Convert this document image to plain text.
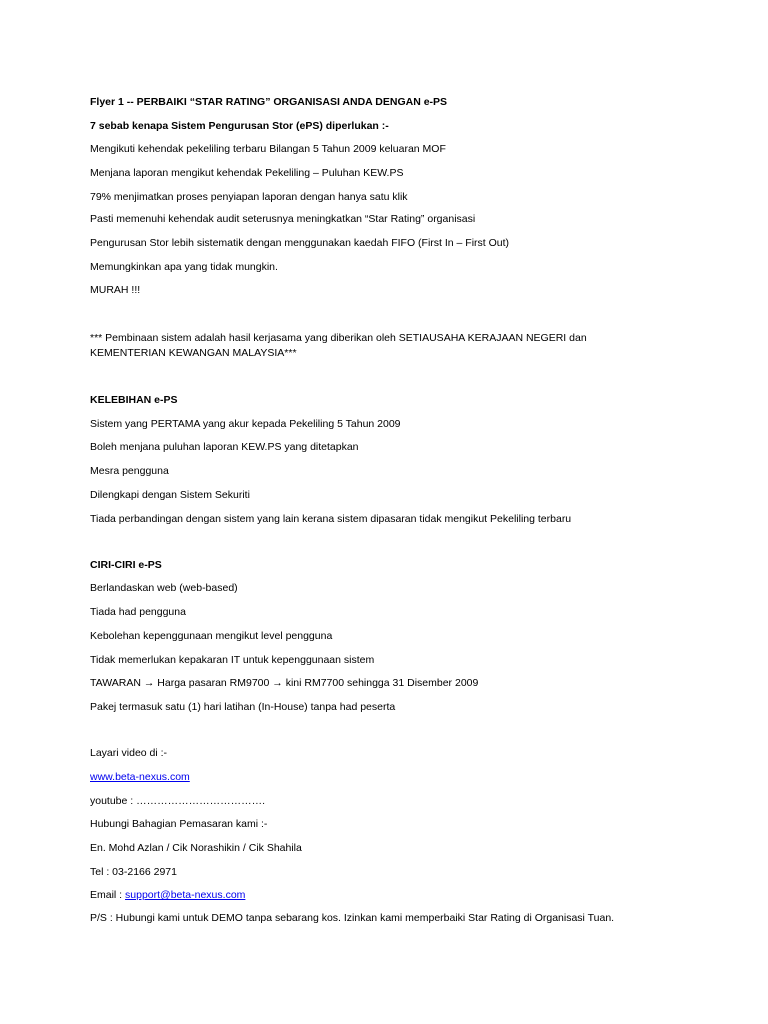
Flyer 1 -- PERBAIKI “STAR RATING” ORGANISASI ANDA DENGAN e-PS
7 sebab kenapa Sistem Pengurusan Stor (ePS) diperlukan :-
Mengikuti kehendak pekeliling terbaru Bilangan 5 Tahun 2009 keluaran MOF
Menjana laporan mengikut kehendak Pekeliling – Puluhan KEW.PS
79% menjimatkan proses penyiapan laporan dengan hanya satu klik
Pasti memenuhi kehendak audit seterusnya meningkatkan “Star Rating” organisasi
Pengurusan Stor lebih sistematik dengan menggunakan kaedah FIFO (First In – First Out)
Memungkinkan apa yang tidak mungkin.
MURAH !!!
*** Pembinaan sistem adalah hasil kerjasama yang diberikan oleh SETIAUSAHA KERAJAAN NEGERI dan
KEMENTERIAN KEWANGAN MALAYSIA***
KELEBIHAN e-PS
Sistem yang PERTAMA yang akur kepada Pekeliling 5 Tahun 2009
Boleh menjana puluhan laporan KEW.PS yang ditetapkan
Mesra pengguna
Dilengkapi dengan Sistem Sekuriti
Tiada perbandingan dengan sistem yang lain kerana sistem dipasaran tidak mengikut Pekeliling terbaru
CIRI-CIRI e-PS
Berlandaskan web (web-based)
Tiada had pengguna
Kebolehan kepenggunaan mengikut level pengguna
Tidak memerlukan kepakaran IT untuk kepenggunaan sistem
TAWARAN → Harga pasaran RM9700 → kini RM7700 sehingga 31 Disember 2009
Pakej termasuk satu (1) hari latihan (In-House) tanpa had peserta
Layari video di :-
www.beta-nexus.com
youtube : ……………………………….
Hubungi Bahagian Pemasaran kami :-
En. Mohd Azlan / Cik Norashikin / Cik Shahila
Tel : 03-2166 2971
Email : support@beta-nexus.com
P/S : Hubungi kami untuk DEMO tanpa sebarang kos. Izinkan kami memperbaiki Star Rating di Organisasi Tuan.
